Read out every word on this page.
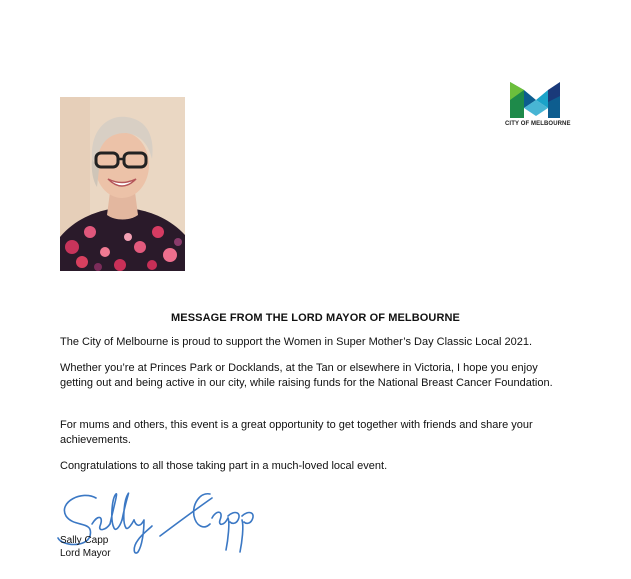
CITY OF MELBOURNE
MESSAGE FROM THE LORD MAYOR OF MELBOURNE
The City of Melbourne is proud to support the Women in Super Mother’s Day Classic Local 2021.
Whether you’re at Princes Park or Docklands, at the Tan or elsewhere in Victoria, I hope you enjoy getting out and being active in our city, while raising funds for the National Breast Cancer Foundation.
For mums and others, this event is a great opportunity to get together with friends and share your achievements.
Congratulations to all those taking part in a much-loved local event.
Sally Capp
Lord Mayor
